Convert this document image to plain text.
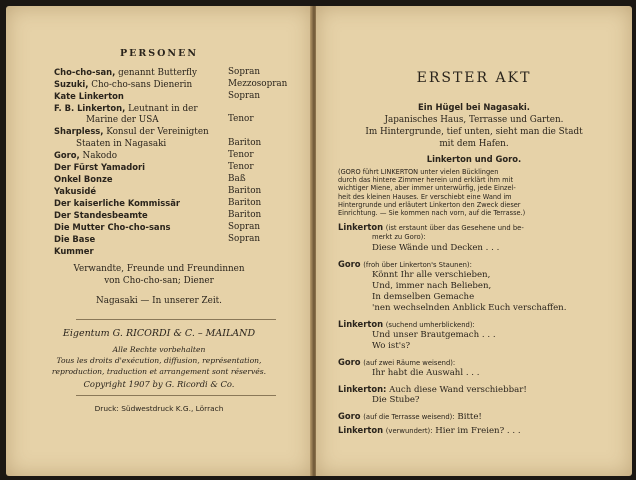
PERSONEN
Cho-cho-san, genannt Butterfly	Sopran
Suzuki, Cho-cho-sans Dienerin	Mezzosopran
Kate Linkerton	Sopran
F. B. Linkerton, Leutnant in der
Marine der USA	Tenor
Sharpless, Konsul der Vereinigten
Staaten in Nagasaki	Bariton
Goro, Nakodo	Tenor
Der Fürst Yamadori	Tenor
Onkel Bonze	Baß
Yakusidé	Bariton
Der kaiserliche Kommissär	Bariton
Der Standesbeamte	Bariton
Die Mutter Cho-cho-sans	Sopran
Die Base	Sopran
Kummer
Verwandte, Freunde und Freundinnen
von Cho-cho-san; Diener
Nagasaki — In unserer Zeit.
Eigentum G. RICORDI & C. – MAILAND
Alle Rechte vorbehalten
Tous les droits d'exécution, diffusion, représentation,
reproduction, traduction et arrangement sont réservés.
Copyright 1907 by G. Ricordi & Co.
Druck: Südwestdruck K.G., Lörrach
ERSTER AKT
Ein Hügel bei Nagasaki.
Japanisches Haus, Terrasse und Garten.
Im Hintergrunde, tief unten, sieht man die Stadt
mit dem Hafen.
Linkerton und Goro.
(GORO führt LINKERTON unter vielen Bücklingen
durch das hintere Zimmer herein und erklärt ihm mit
wichtiger Miene, aber immer unterwürfig, jede Einzel-
heit des kleinen Hauses. Er verschiebt eine Wand im
Hintergrunde und erläutert Linkerton den Zweck dieser
Einrichtung. — Sie kommen nach vorn, auf die Terrasse.)
Linkerton (ist erstaunt über das Gesehene und be-
merkt zu Goro):
Diese Wände und Decken . . .
Goro (froh über Linkerton's Staunen):
Könnt Ihr alle verschieben,
Und, immer nach Belieben,
In demselben Gemache
'nen wechselnden Anblick Euch verschaffen.
Linkerton (suchend umherblickend):
Und unser Brautgemach . . .
Wo ist's?
Goro (auf zwei Räume weisend):
Ihr habt die Auswahl . . .
Linkerton: Auch diese Wand verschiebbar!
Die Stube?
Goro (auf die Terrasse weisend): Bitte!
Linkerton (verwundert): Hier im Freien? . . .
